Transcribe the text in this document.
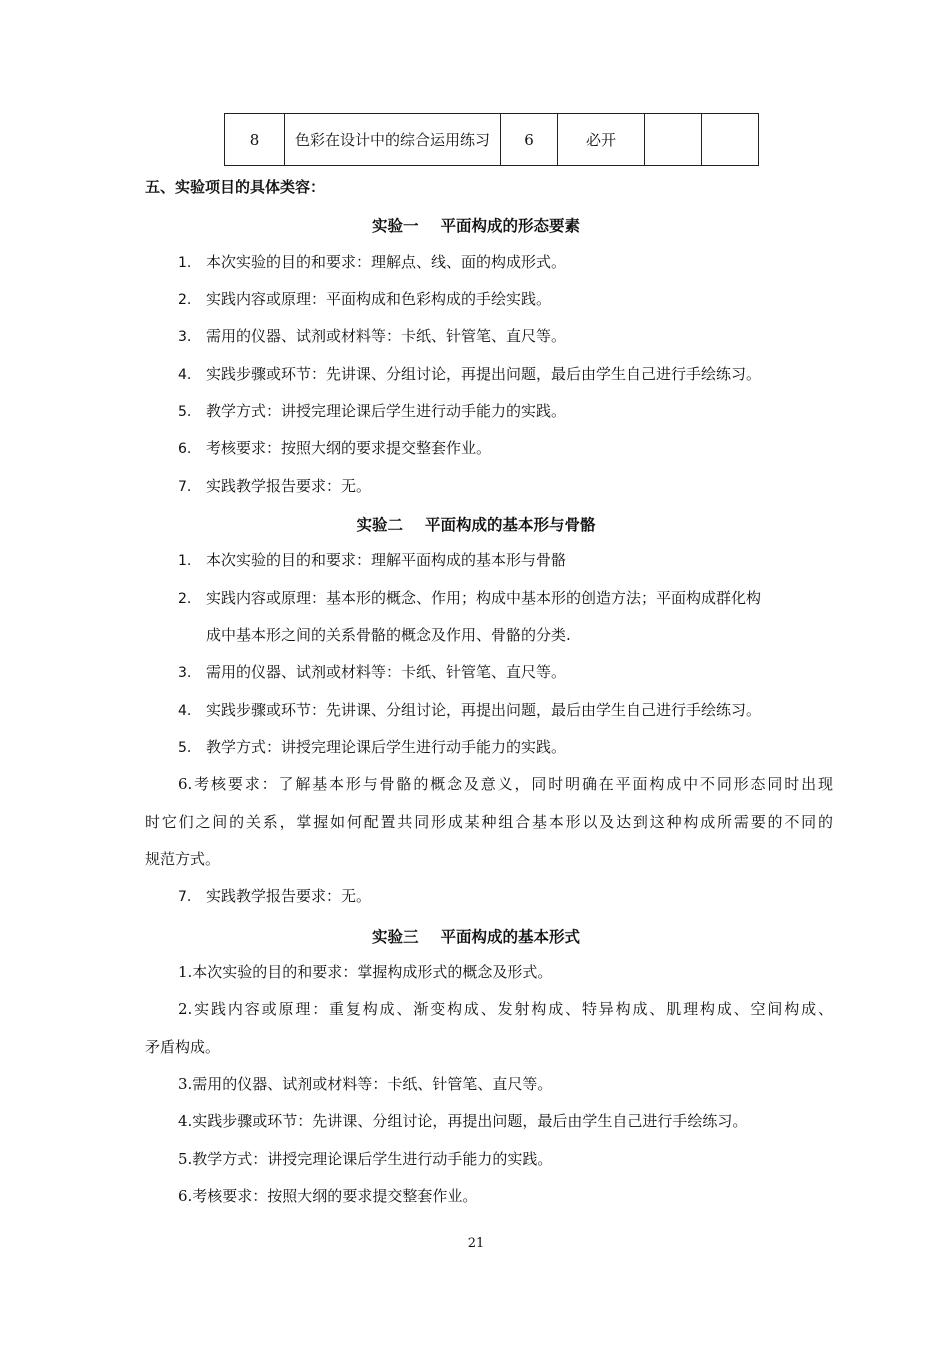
8	色彩在设计中的综合运用练习	6	必开		
五、实验项目的具体类容：
实验一 平面构成的形态要素
1. 本次实验的目的和要求：理解点、线、面的构成形式。
2. 实践内容或原理：平面构成和色彩构成的手绘实践。
3. 需用的仪器、试剂或材料等：卡纸、针管笔、直尺等。
4. 实践步骤或环节：先讲课、分组讨论，再提出问题，最后由学生自己进行手绘练习。
5. 教学方式：讲授完理论课后学生进行动手能力的实践。
6. 考核要求：按照大纲的要求提交整套作业。
7. 实践教学报告要求：无。
实验二 平面构成的基本形与骨骼
1. 本次实验的目的和要求：理解平面构成的基本形与骨骼
2. 实践内容或原理：基本形的概念、作用；构成中基本形的创造方法；平面构成群化构
成中基本形之间的关系骨骼的概念及作用、骨骼的分类.
3. 需用的仪器、试剂或材料等：卡纸、针管笔、直尺等。
4. 实践步骤或环节：先讲课、分组讨论，再提出问题，最后由学生自己进行手绘练习。
5. 教学方式：讲授完理论课后学生进行动手能力的实践。
6.考核要求：了解基本形与骨骼的概念及意义，同时明确在平面构成中不同形态同时出现
时它们之间的关系，掌握如何配置共同形成某种组合基本形以及达到这种构成所需要的不同的
规范方式。
7. 实践教学报告要求：无。
实验三 平面构成的基本形式
1.本次实验的目的和要求：掌握构成形式的概念及形式。
2.实践内容或原理：重复构成、渐变构成、发射构成、特异构成、肌理构成、空间构成、
矛盾构成。
3.需用的仪器、试剂或材料等：卡纸、针管笔、直尺等。
4.实践步骤或环节：先讲课、分组讨论，再提出问题，最后由学生自己进行手绘练习。
5.教学方式：讲授完理论课后学生进行动手能力的实践。
6.考核要求：按照大纲的要求提交整套作业。
21
